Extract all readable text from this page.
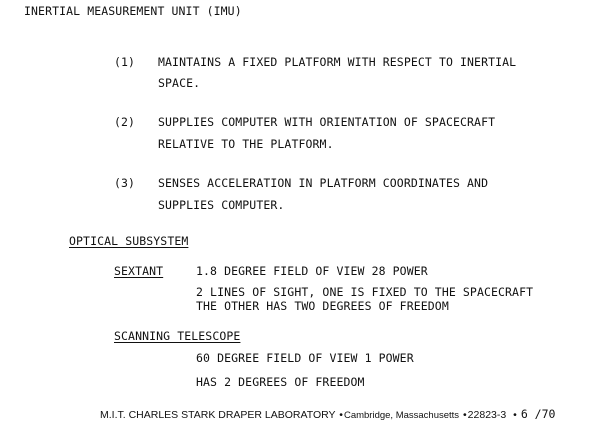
INERTIAL MEASUREMENT UNIT (IMU)
(1) MAINTAINS A FIXED PLATFORM WITH RESPECT TO INERTIAL
SPACE.
(2) SUPPLIES COMPUTER WITH ORIENTATION OF SPACECRAFT
RELATIVE TO THE PLATFORM.
(3) SENSES ACCELERATION IN PLATFORM COORDINATES AND
SUPPLIES COMPUTER.
OPTICAL SUBSYSTEM
SEXTANT	1.8 DEGREE FIELD OF VIEW 28 POWER
2 LINES OF SIGHT, ONE IS FIXED TO THE SPACECRAFT
THE OTHER HAS TWO DEGREES OF FREEDOM
SCANNING TELESCOPE
60 DEGREE FIELD OF VIEW 1 POWER
HAS 2 DEGREES OF FREEDOM
M.I.T. CHARLES STARK DRAPER LABORATORY •Cambridge, Massachusetts •22823-3 • 6 /70
